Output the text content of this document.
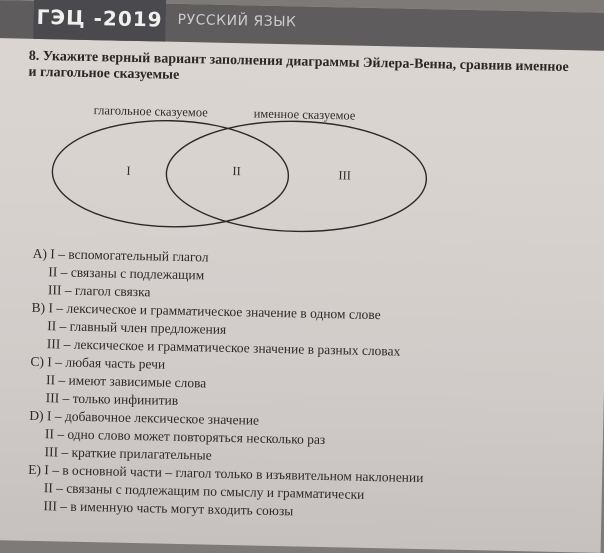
ГЭЦ -2019 РУССКИЙ ЯЗЫК
8. Укажите верный вариант заполнения диаграммы Эйлера-Венна, сравнив именное и глагольное сказуемые
глагольное сказуемое	именное сказуемое
I	II	III
A) I – вспомогательный глагол
II – связаны с подлежащим
III – глагол связка
B) I – лексическое и грамматическое значение в одном слове
II – главный член предложения
III – лексическое и грамматическое значение в разных словах
C) I – любая часть речи
II – имеют зависимые слова
III – только инфинитив
D) I – добавочное лексическое значение
II – одно слово может повторяться несколько раз
III – краткие прилагательные
E) I – в основной части – глагол только в изъявительном наклонении
II – связаны с подлежащим по смыслу и грамматически
III – в именную часть могут входить союзы
